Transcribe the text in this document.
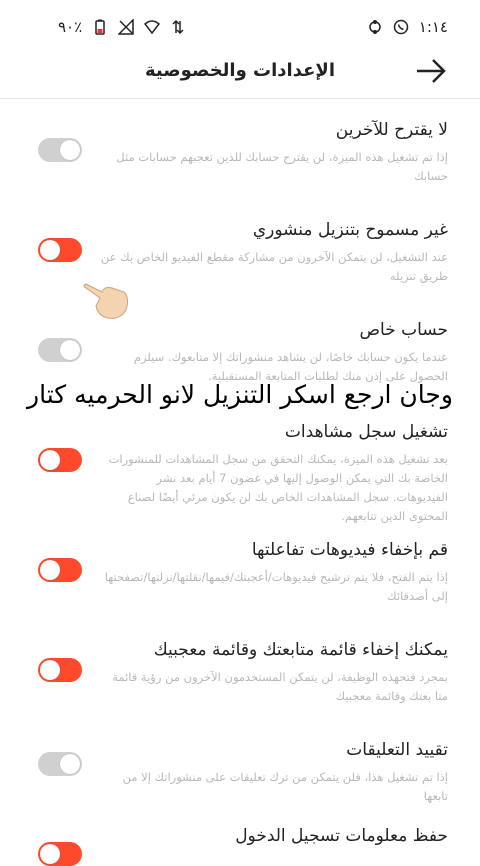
٩٠٪	١:١٤
الإعدادات والخصوصية
لا يقترح للآخرين
إذا تم تشغيل هذه الميزة، لن يقترح حسابك للذين تعجبهم حسابات مثل حسابك
غير مسموح بتنزيل منشوري
عند التشغيل، لن يتمكن الآخرون من مشاركة مقطع الفيديو الخاص بك عن طريق تنزيله
حساب خاص
عندما يكون حسابك خاصًا، لن يشاهد منشوراتك إلا متابعوك. سيلزم الحصول على إذن منك لطلبات المتابعة المستقبلية.
وجان ارجع اسكر التنزيل لانو الحرميه كتار
تشغيل سجل مشاهدات
بعد تشغيل هذه الميزة، يمكنك التحقق من سجل المشاهدات للمنشورات الخاصة بك التي يمكن الوصول إليها في غضون 7 أيام بعد نشر الفيديوهات. سجل المشاهدات الخاص بك لن يكون مرئي أيضًا لصناع المحتوى الذين تتابعهم.
قم بإخفاء فيديوهات تفاعلتها
إذا يتم الفتح، فلا يتم ترشيح فيديوهات/أعجبتك/فيمها/نقلتها/نزلتها/تصفحتها إلى أصدقائك
يمكنك إخفاء قائمة متابعتك وقائمة معجبيك
بمجرد فتحهذه الوظيفة، لن يتمكن المستخدمون الآخرون من رؤية قائمة متا بعتك وقائمة معجبيك
تقييد التعليقات
إذا تم تشغيل هذا، فلن يتمكن من ترك تعليقات على منشوراتك إلا من تابعها
حفظ معلومات تسجيل الدخول
